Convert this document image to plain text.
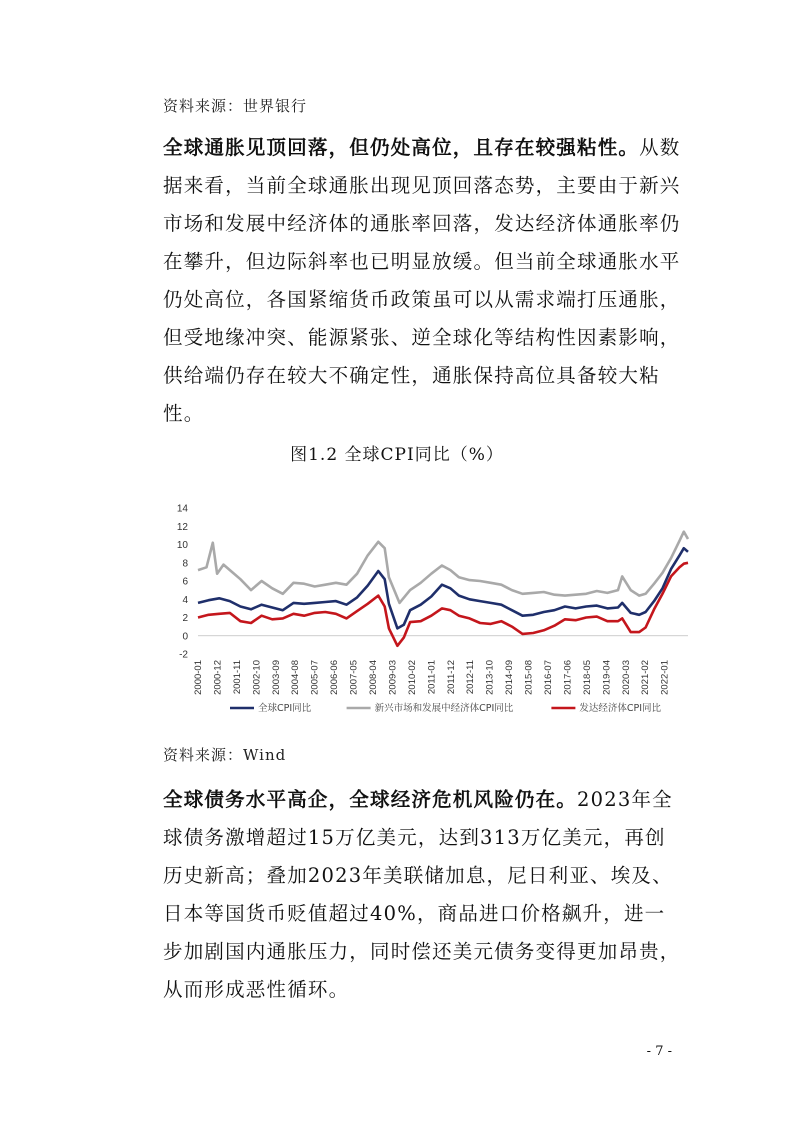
资料来源：世界银行

全球通胀见顶回落，但仍处高位，且存在较强粘性。从数据来看，当前全球通胀出现见顶回落态势，主要由于新兴市场和发展中经济体的通胀率回落，发达经济体通胀率仍在攀升，但边际斜率也已明显放缓。但当前全球通胀水平仍处高位，各国紧缩货币政策虽可以从需求端打压通胀，但受地缘冲突、能源紧张、逆全球化等结构性因素影响，供给端仍存在较大不确定性，通胀保持高位具备较大粘性。

图1.2 全球CPI同比（%）
-2
0
2
4
6
8
10
12
14
2000-01 2000-12 2001-11 2002-10 2003-09 2004-08 2005-07 2006-06 2007-05 2008-04 2009-03 2010-02 2011-01 2011-12 2012-11 2013-10 2014-09 2015-08 2016-07 2017-06 2018-05 2019-04 2020-03 2021-02 2022-01
全球CPI同比	新兴市场和发展中经济体CPI同比	发达经济体CPI同比
资料来源：Wind

全球债务水平高企，全球经济危机风险仍在。2023年全球债务激增超过15万亿美元，达到313万亿美元，再创历史新高；叠加2023年美联储加息，尼日利亚、埃及、日本等国货币贬值超过40%，商品进口价格飙升，进一步加剧国内通胀压力，同时偿还美元债务变得更加昂贵，从而形成恶性循环。

- 7 -
